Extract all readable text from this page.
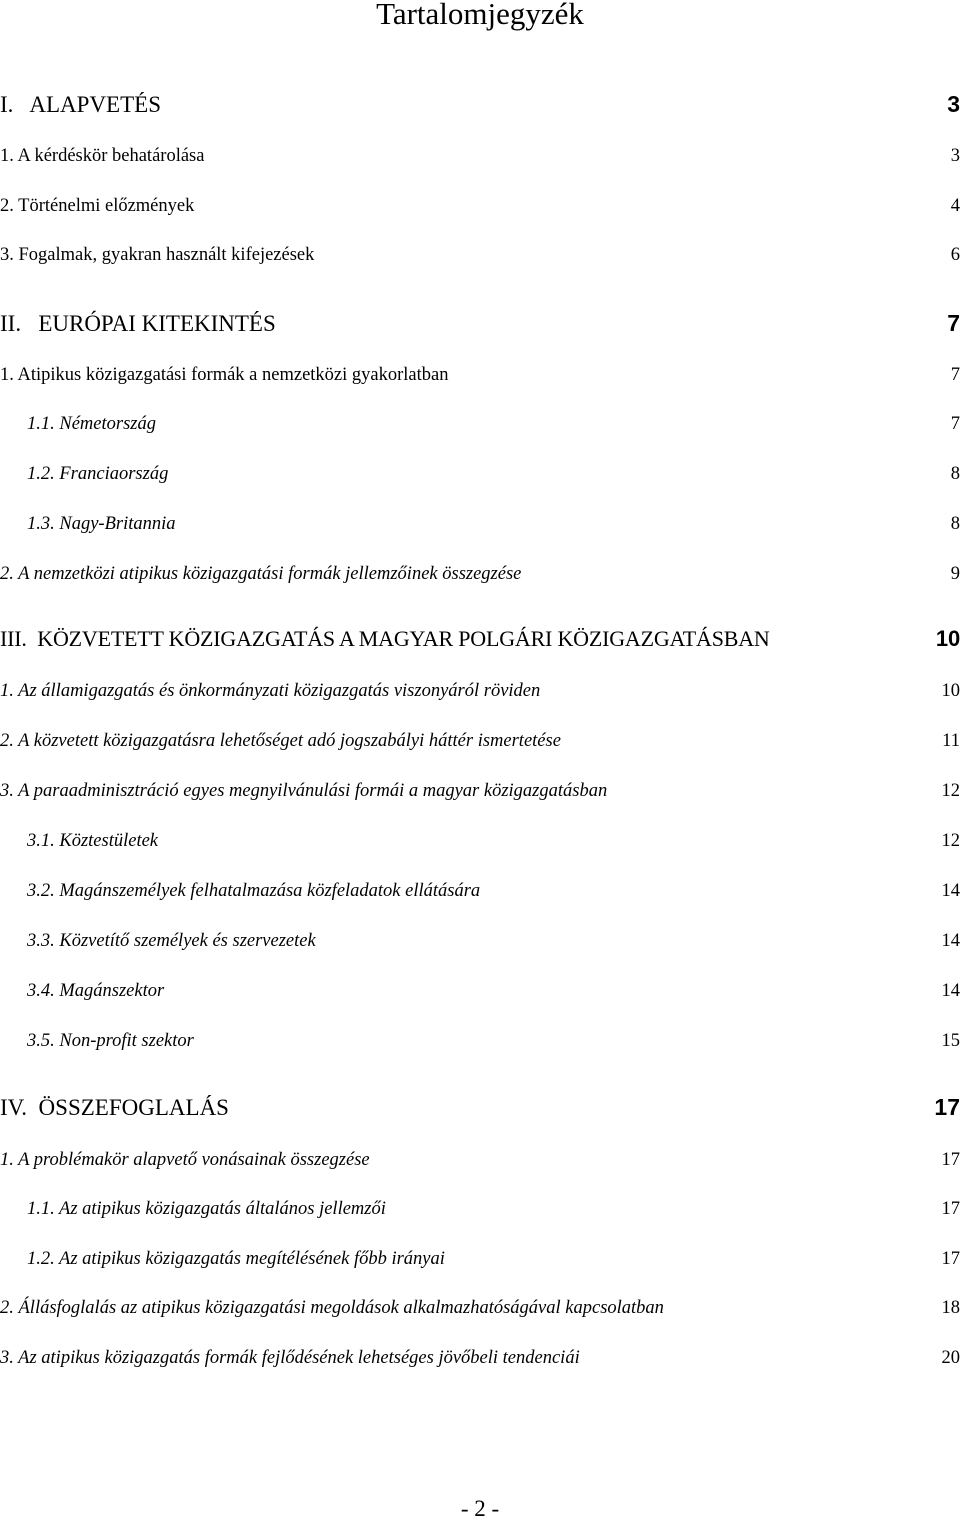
Tartalomjegyzék
I.   ALAPVETÉS	3
1. A kérdéskör behatárolása	3
2. Történelmi előzmények	4
3. Fogalmak, gyakran használt kifejezések	6
II.   EURÓPAI KITEKINTÉS	7
1. Atipikus közigazgatási formák a nemzetközi gyakorlatban	7
1.1. Németország	7
1.2. Franciaország	8
1.3. Nagy-Britannia	8
2. A nemzetközi atipikus közigazgatási formák jellemzőinek összegzése	9
III.  KÖZVETETT KÖZIGAZGATÁS A MAGYAR POLGÁRI KÖZIGAZGATÁSBAN	10
1. Az államigazgatás és önkormányzati közigazgatás viszonyáról röviden	10
2. A közvetett közigazgatásra lehetőséget adó jogszabályi háttér ismertetése	11
3. A paraadminisztráció egyes megnyilvánulási formái a magyar közigazgatásban	12
3.1. Köztestületek	12
3.2. Magánszemélyek felhatalmazása közfeladatok ellátására	14
3.3. Közvetítő személyek és szervezetek	14
3.4. Magánszektor	14
3.5. Non-profit szektor	15
IV.  ÖSSZEFOGLALÁS	17
1. A problémakör alapvető vonásainak összegzése	17
1.1. Az atipikus közigazgatás általános jellemzői	17
1.2. Az atipikus közigazgatás megítélésének főbb irányai	17
2. Állásfoglalás az atipikus közigazgatási megoldások alkalmazhatóságával kapcsolatban	18
3. Az atipikus közigazgatás formák fejlődésének lehetséges jövőbeli tendenciái	20
- 2 -
